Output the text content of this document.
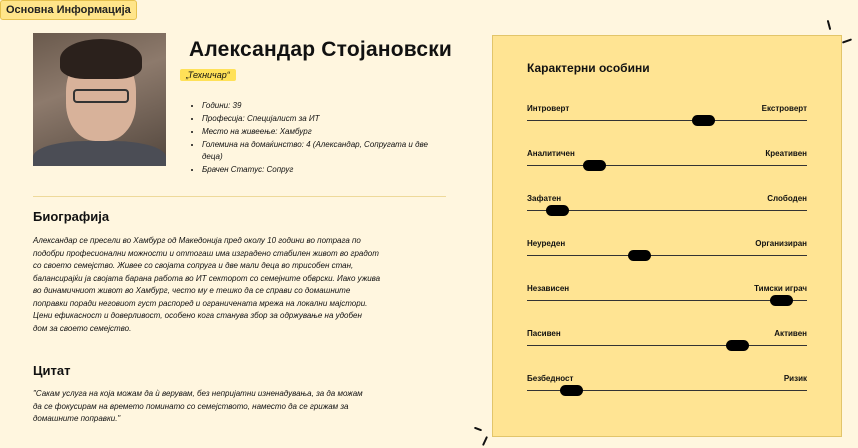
Основна Информација
Александар Стојановски
„Техничар“
• Години: 39
• Професија: Специјалист за ИТ
• Место на живеење: Хамбург
• Големина на домаќинство: 4 (Александар, Сопругата и две деца)
• Брачен Статус: Сопруг
Биографија
Александар се пресели во Хамбург од Македонија пред околу 10 години во потрага по
подобри професионални можности и оттогаш има изградено стабилен живот во градот
со своето семејство. Живее со својата сопруга и две мали деца во трисобен стан,
балансирајќи ја својата барана работа во ИТ секторот со семејните обврски. Иако ужива
во динамичниот живот во Хамбург, често му е тешко да се справи со домашните
поправки поради неговиот густ распоред и ограничената мрежа на локални мајстори.
Цени ефикасност и доверливост, особено кога станува збор за одржување на удобен
дом за своето семејство.
Цитат
"Сакам услуга на која можам да ѝ верувам, без непријатни изненадувања, за да можам
да се фокусирам на времето поминато со семејството, наместо да се грижам за
домашните поправки."
Карактерни особини
Интроверт	Екстроверт
Аналитичен	Креативен
Зафатен	Слободен
Неуреден	Организиран
Независен	Тимски играч
Пасивен	Активен
Безбедност	Ризик
